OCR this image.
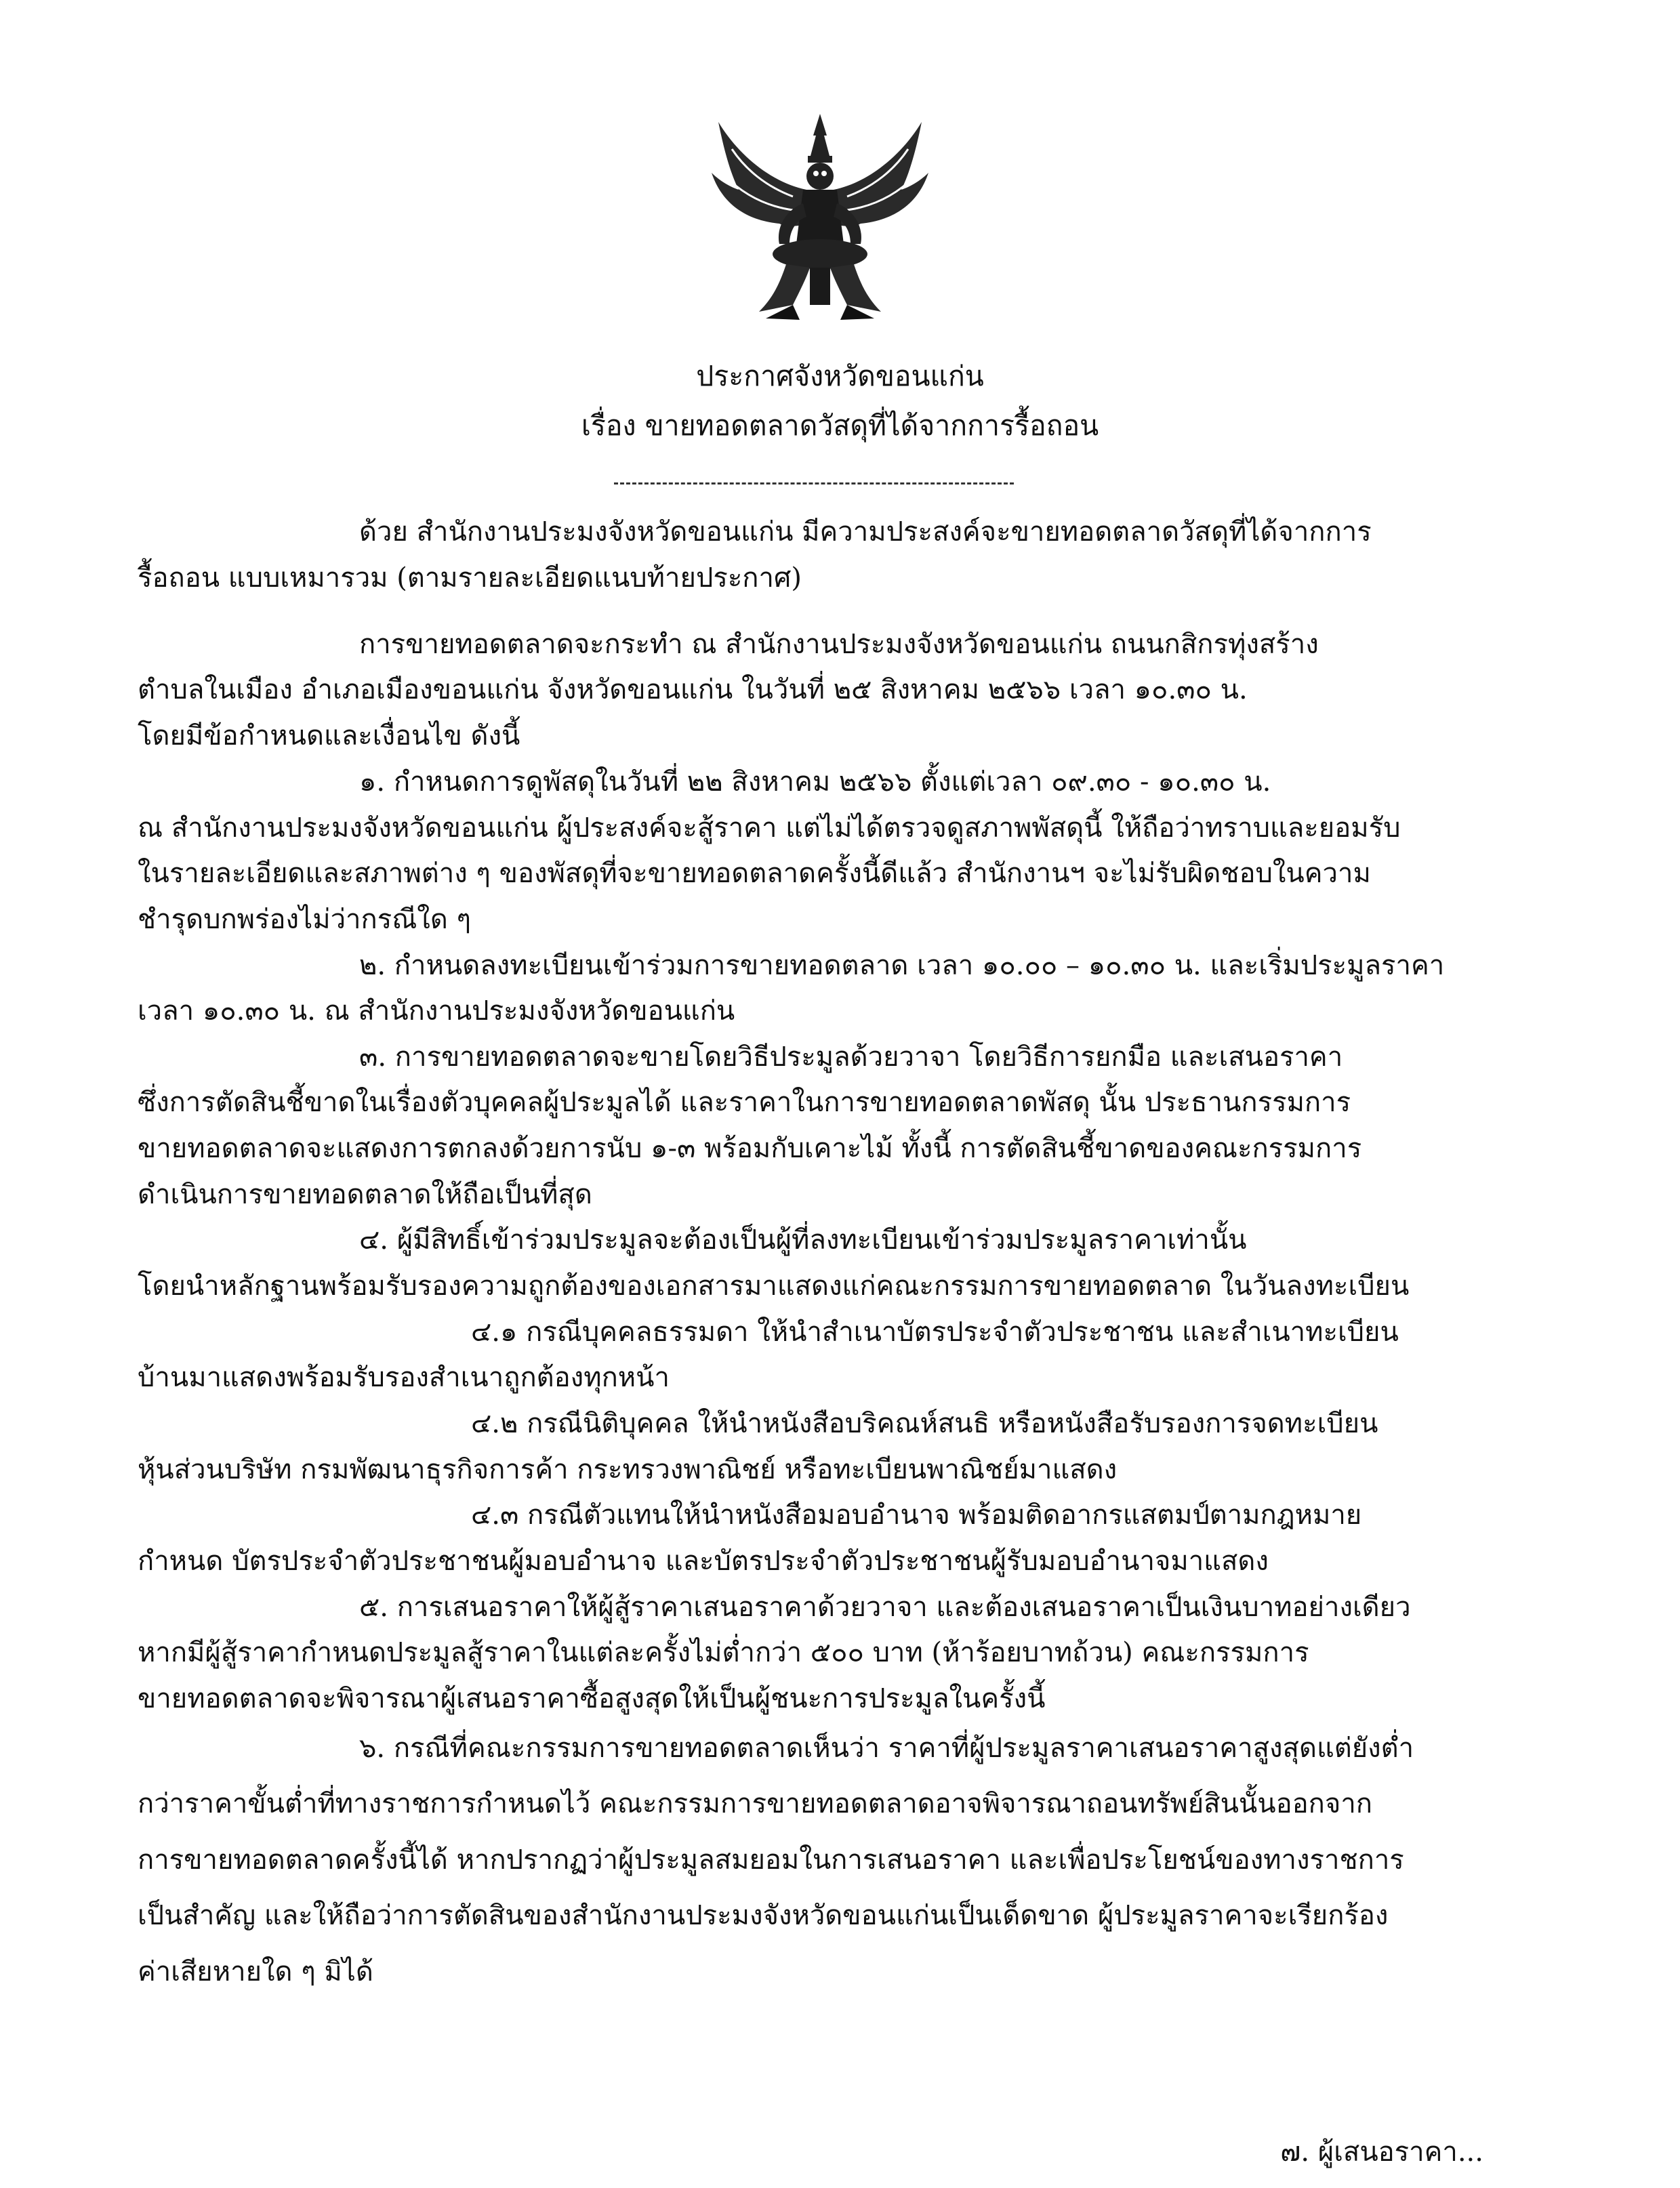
ประกาศจังหวัดขอนแก่น
เรื่อง ขายทอดตลาดวัสดุที่ได้จากการรื้อถอน
ด้วย สำนักงานประมงจังหวัดขอนแก่น มีความประสงค์จะขายทอดตลาดวัสดุที่ได้จากการ
รื้อถอน แบบเหมารวม (ตามรายละเอียดแนบท้ายประกาศ)
การขายทอดตลาดจะกระทำ ณ สำนักงานประมงจังหวัดขอนแก่น ถนนกสิกรทุ่งสร้าง
ตำบลในเมือง อำเภอเมืองขอนแก่น จังหวัดขอนแก่น ในวันที่ ๒๕ สิงหาคม ๒๕๖๖ เวลา ๑๐.๓๐ น.
โดยมีข้อกำหนดและเงื่อนไข ดังนี้
๑. กำหนดการดูพัสดุในวันที่ ๒๒ สิงหาคม ๒๕๖๖ ตั้งแต่เวลา ๐๙.๓๐ - ๑๐.๓๐ น.
ณ สำนักงานประมงจังหวัดขอนแก่น ผู้ประสงค์จะสู้ราคา แต่ไม่ได้ตรวจดูสภาพพัสดุนี้ ให้ถือว่าทราบและยอมรับ
ในรายละเอียดและสภาพต่าง ๆ ของพัสดุที่จะขายทอดตลาดครั้งนี้ดีแล้ว สำนักงานฯ จะไม่รับผิดชอบในความ
ชำรุดบกพร่องไม่ว่ากรณีใด ๆ
๒. กำหนดลงทะเบียนเข้าร่วมการขายทอดตลาด เวลา ๑๐.๐๐ – ๑๐.๓๐ น. และเริ่มประมูลราคา
เวลา ๑๐.๓๐ น. ณ สำนักงานประมงจังหวัดขอนแก่น
๓. การขายทอดตลาดจะขายโดยวิธีประมูลด้วยวาจา โดยวิธีการยกมือ และเสนอราคา
ซึ่งการตัดสินชี้ขาดในเรื่องตัวบุคคลผู้ประมูลได้ และราคาในการขายทอดตลาดพัสดุ นั้น ประธานกรรมการ
ขายทอดตลาดจะแสดงการตกลงด้วยการนับ ๑-๓ พร้อมกับเคาะไม้ ทั้งนี้ การตัดสินชี้ขาดของคณะกรรมการ
ดำเนินการขายทอดตลาดให้ถือเป็นที่สุด
๔. ผู้มีสิทธิ์เข้าร่วมประมูลจะต้องเป็นผู้ที่ลงทะเบียนเข้าร่วมประมูลราคาเท่านั้น
โดยนำหลักฐานพร้อมรับรองความถูกต้องของเอกสารมาแสดงแก่คณะกรรมการขายทอดตลาด ในวันลงทะเบียน
๔.๑ กรณีบุคคลธรรมดา ให้นำสำเนาบัตรประจำตัวประชาชน และสำเนาทะเบียน
บ้านมาแสดงพร้อมรับรองสำเนาถูกต้องทุกหน้า
๔.๒ กรณีนิติบุคคล ให้นำหนังสือบริคณห์สนธิ หรือหนังสือรับรองการจดทะเบียน
หุ้นส่วนบริษัท กรมพัฒนาธุรกิจการค้า กระทรวงพาณิชย์ หรือทะเบียนพาณิชย์มาแสดง
๔.๓ กรณีตัวแทนให้นำหนังสือมอบอำนาจ พร้อมติดอากรแสตมป์ตามกฎหมาย
กำหนด บัตรประจำตัวประชาชนผู้มอบอำนาจ และบัตรประจำตัวประชาชนผู้รับมอบอำนาจมาแสดง
๕. การเสนอราคาให้ผู้สู้ราคาเสนอราคาด้วยวาจา และต้องเสนอราคาเป็นเงินบาทอย่างเดียว
หากมีผู้สู้ราคากำหนดประมูลสู้ราคาในแต่ละครั้งไม่ต่ำกว่า ๕๐๐ บาท (ห้าร้อยบาทถ้วน) คณะกรรมการ
ขายทอดตลาดจะพิจารณาผู้เสนอราคาซื้อสูงสุดให้เป็นผู้ชนะการประมูลในครั้งนี้
๖. กรณีที่คณะกรรมการขายทอดตลาดเห็นว่า ราคาที่ผู้ประมูลราคาเสนอราคาสูงสุดแต่ยังต่ำ
กว่าราคาขั้นต่ำที่ทางราชการกำหนดไว้ คณะกรรมการขายทอดตลาดอาจพิจารณาถอนทรัพย์สินนั้นออกจาก
การขายทอดตลาดครั้งนี้ได้ หากปรากฏว่าผู้ประมูลสมยอมในการเสนอราคา และเพื่อประโยชน์ของทางราชการ
เป็นสำคัญ และให้ถือว่าการตัดสินของสำนักงานประมงจังหวัดขอนแก่นเป็นเด็ดขาด ผู้ประมูลราคาจะเรียกร้อง
ค่าเสียหายใด ๆ มิได้
๗. ผู้เสนอราคา...
